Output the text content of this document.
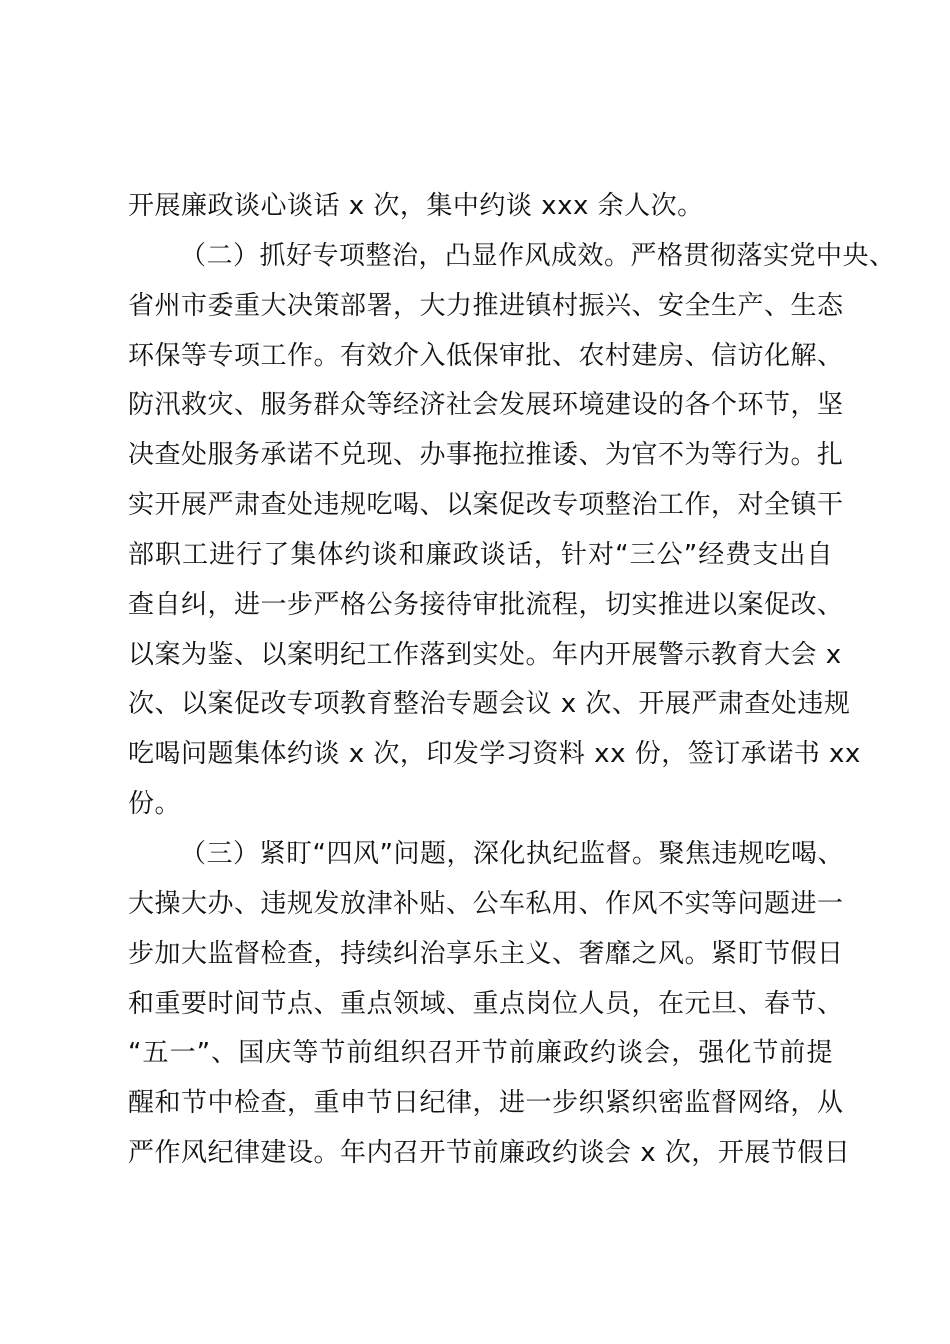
开展廉政谈心谈话 x 次，集中约谈 xxx 余人次。
（二）抓好专项整治，凸显作风成效。严格贯彻落实党中央、
省州市委重大决策部署，大力推进镇村振兴、安全生产、生态
环保等专项工作。有效介入低保审批、农村建房、信访化解、
防汛救灾、服务群众等经济社会发展环境建设的各个环节，坚
决查处服务承诺不兑现、办事拖拉推诿、为官不为等行为。扎
实开展严肃查处违规吃喝、以案促改专项整治工作，对全镇干
部职工进行了集体约谈和廉政谈话，针对“三公”经费支出自
查自纠，进一步严格公务接待审批流程，切实推进以案促改、
以案为鉴、以案明纪工作落到实处。年内开展警示教育大会 x
次、以案促改专项教育整治专题会议 x 次、开展严肃查处违规
吃喝问题集体约谈 x 次，印发学习资料 xx 份，签订承诺书 xx
份。
（三）紧盯“四风”问题，深化执纪监督。聚焦违规吃喝、
大操大办、违规发放津补贴、公车私用、作风不实等问题进一
步加大监督检查，持续纠治享乐主义、奢靡之风。紧盯节假日
和重要时间节点、重点领域、重点岗位人员，在元旦、春节、
“五一”、国庆等节前组织召开节前廉政约谈会，强化节前提
醒和节中检查，重申节日纪律，进一步织紧织密监督网络，从
严作风纪律建设。年内召开节前廉政约谈会 x 次，开展节假日
